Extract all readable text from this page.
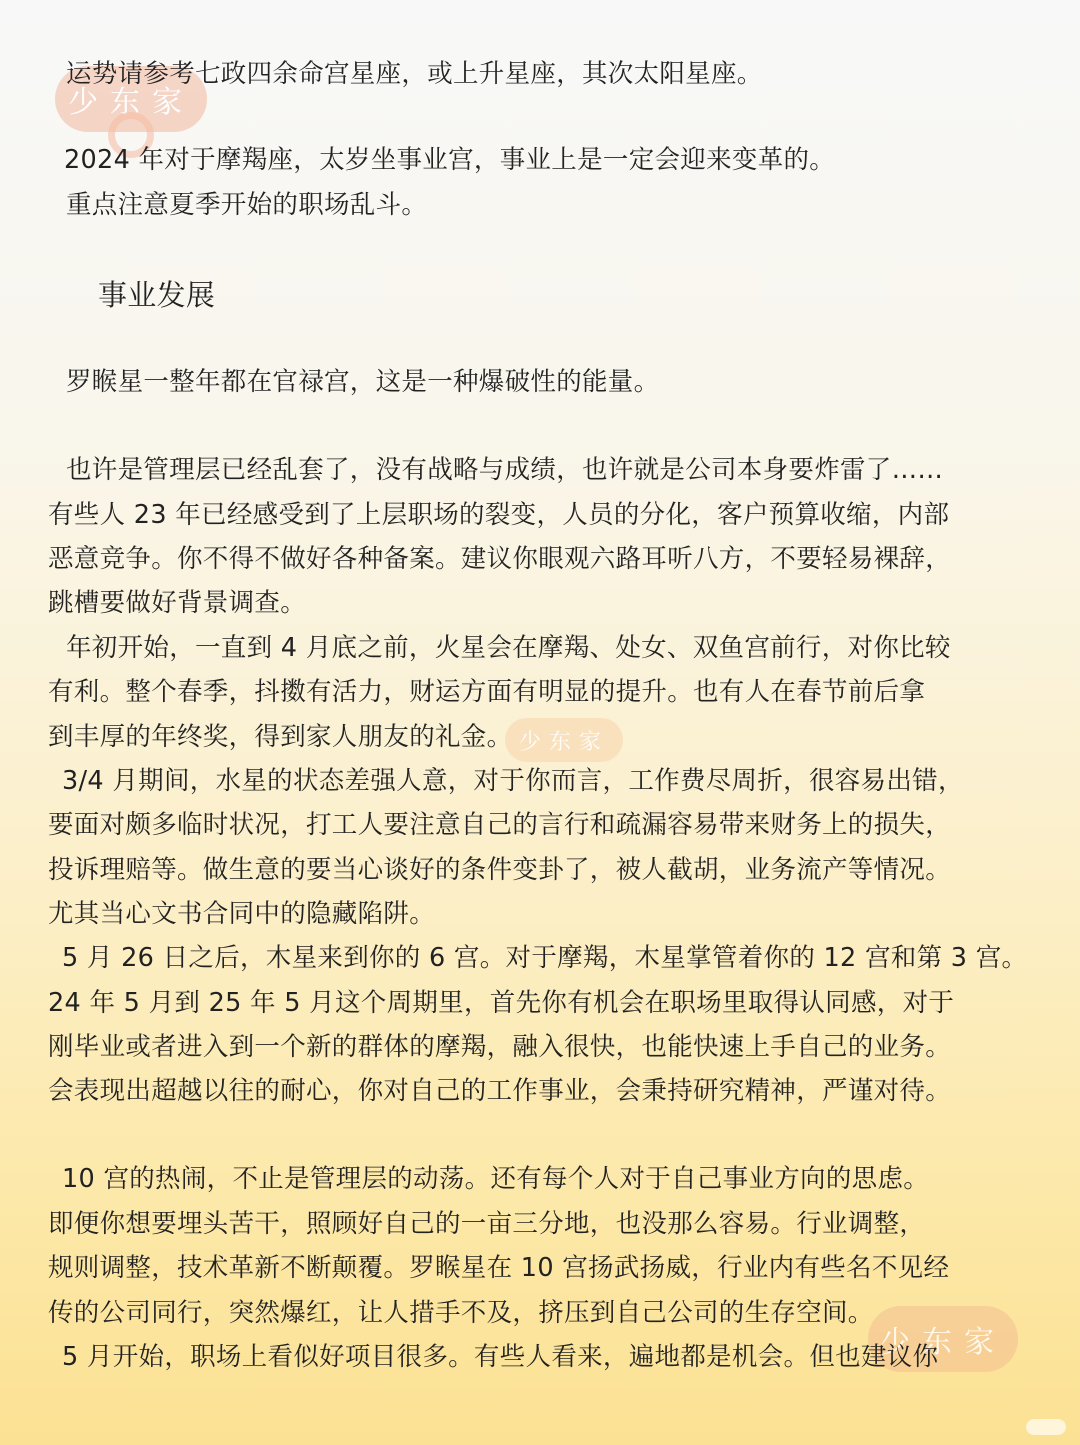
少东家
少东家
少东家
运势请参考七政四余命宫星座，或上升星座，其次太阳星座。
2024 年对于摩羯座，太岁坐事业宫，事业上是一定会迎来变革的。
重点注意夏季开始的职场乱斗。
事业发展
罗睺星一整年都在官禄宫，这是一种爆破性的能量。
也许是管理层已经乱套了，没有战略与成绩，也许就是公司本身要炸雷了……
有些人 23 年已经感受到了上层职场的裂变，人员的分化，客户预算收缩，内部
恶意竞争。你不得不做好各种备案。建议你眼观六路耳听八方，不要轻易裸辞，
跳槽要做好背景调查。
年初开始，一直到 4 月底之前，火星会在摩羯、处女、双鱼宫前行，对你比较
有利。整个春季，抖擞有活力，财运方面有明显的提升。也有人在春节前后拿
到丰厚的年终奖，得到家人朋友的礼金。
3/4 月期间，水星的状态差强人意，对于你而言，工作费尽周折，很容易出错，
要面对颇多临时状况，打工人要注意自己的言行和疏漏容易带来财务上的损失，
投诉理赔等。做生意的要当心谈好的条件变卦了，被人截胡，业务流产等情况。
尤其当心文书合同中的隐藏陷阱。
5 月 26 日之后，木星来到你的 6 宫。对于摩羯，木星掌管着你的 12 宫和第 3 宫。
24 年 5 月到 25 年 5 月这个周期里，首先你有机会在职场里取得认同感，对于
刚毕业或者进入到一个新的群体的摩羯，融入很快，也能快速上手自己的业务。
会表现出超越以往的耐心，你对自己的工作事业，会秉持研究精神，严谨对待。
10 宫的热闹，不止是管理层的动荡。还有每个人对于自己事业方向的思虑。
即便你想要埋头苦干，照顾好自己的一亩三分地，也没那么容易。行业调整，
规则调整，技术革新不断颠覆。罗睺星在 10 宫扬武扬威，行业内有些名不见经
传的公司同行，突然爆红，让人措手不及，挤压到自己公司的生存空间。
5 月开始，职场上看似好项目很多。有些人看来，遍地都是机会。但也建议你
